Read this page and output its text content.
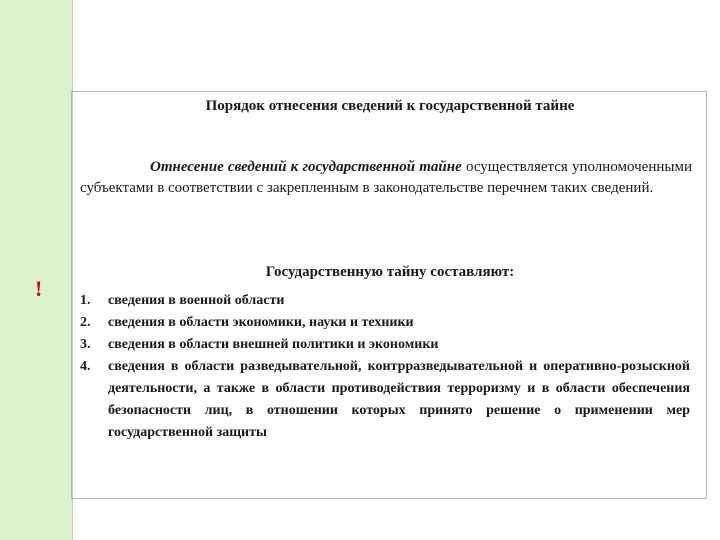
Порядок отнесения сведений к государственной тайне
Отнесение сведений к государственной тайне осуществляется уполномоченными субъектами в соответствии с закрепленным в законодательстве перечнем таких сведений.
Государственную тайну составляют:
!	1.	сведения в военной области
2.	сведения в области экономики, науки и техники
3.	сведения в области внешней политики и экономики
4.	сведения в области разведывательной, контрразведывательной и оперативно-розыскной деятельности, а также в области противодействия терроризму и в области обеспечения безопасности лиц, в отношении которых принято решение о применении мер государственной защиты
